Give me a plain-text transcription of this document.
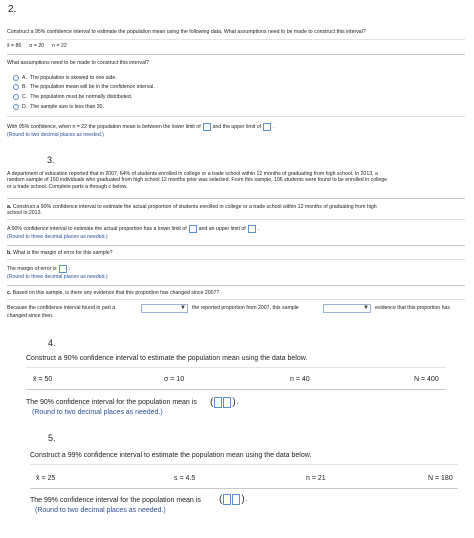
2.
Construct a 95% confidence interval to estimate the population mean using the following data. What assumptions need to be made to construct this interval?
x̄ = 86 σ = 20 n = 22
What assumptions need to be made to construct this interval?
A. The population is skewed to one side.
B. The population mean will be in the confidence interval.
C. The population must be normally distributed.
D. The sample size is less than 30.
With 95% confidence, when n = 22 the population mean is between the lower limit of and the upper limit of .
(Round to two decimal places as needed.)
3.
A department of education reported that in 2007, 64% of students enrolled in college or a trade school within 12 months of graduating from high school. In 2013, a
random sample of 160 individuals who graduated from high school 12 months prior was selected. From this sample, 106 students were found to be enrolled in college
or a trade school. Complete parts a through c below.
a. Construct a 90% confidence interval to estimate the actual proportion of students enrolled in college or a trade school within 12 months of graduating from high
school in 2013.
A 90% confidence interval to estimate the actual proportion has a lower limit of and an upper limit of .
(Round to three decimal places as needed.)
b. What is the margin of error for this sample?
The margin of error is .
(Round to three decimal places as needed.)
c. Based on this sample, is there any evidence that this proportion has changed since 2007?
Because the confidence interval found in part a	▼ the reported proportion from 2007, this sample	▼ evidence that this proportion has
changed since then.
4.
Construct a 90% confidence interval to estimate the population mean using the data below.
x̄ = 50	σ = 10	n = 40	N = 400
The 90% confidence interval for the population mean is ( ) .
(Round to two decimal places as needed.)
5.
Construct a 99% confidence interval to estimate the population mean using the data below.
x̄ = 25	s = 4.5	n = 21	N = 180
The 99% confidence interval for the population mean is ( ) .
(Round to two decimal places as needed.)
